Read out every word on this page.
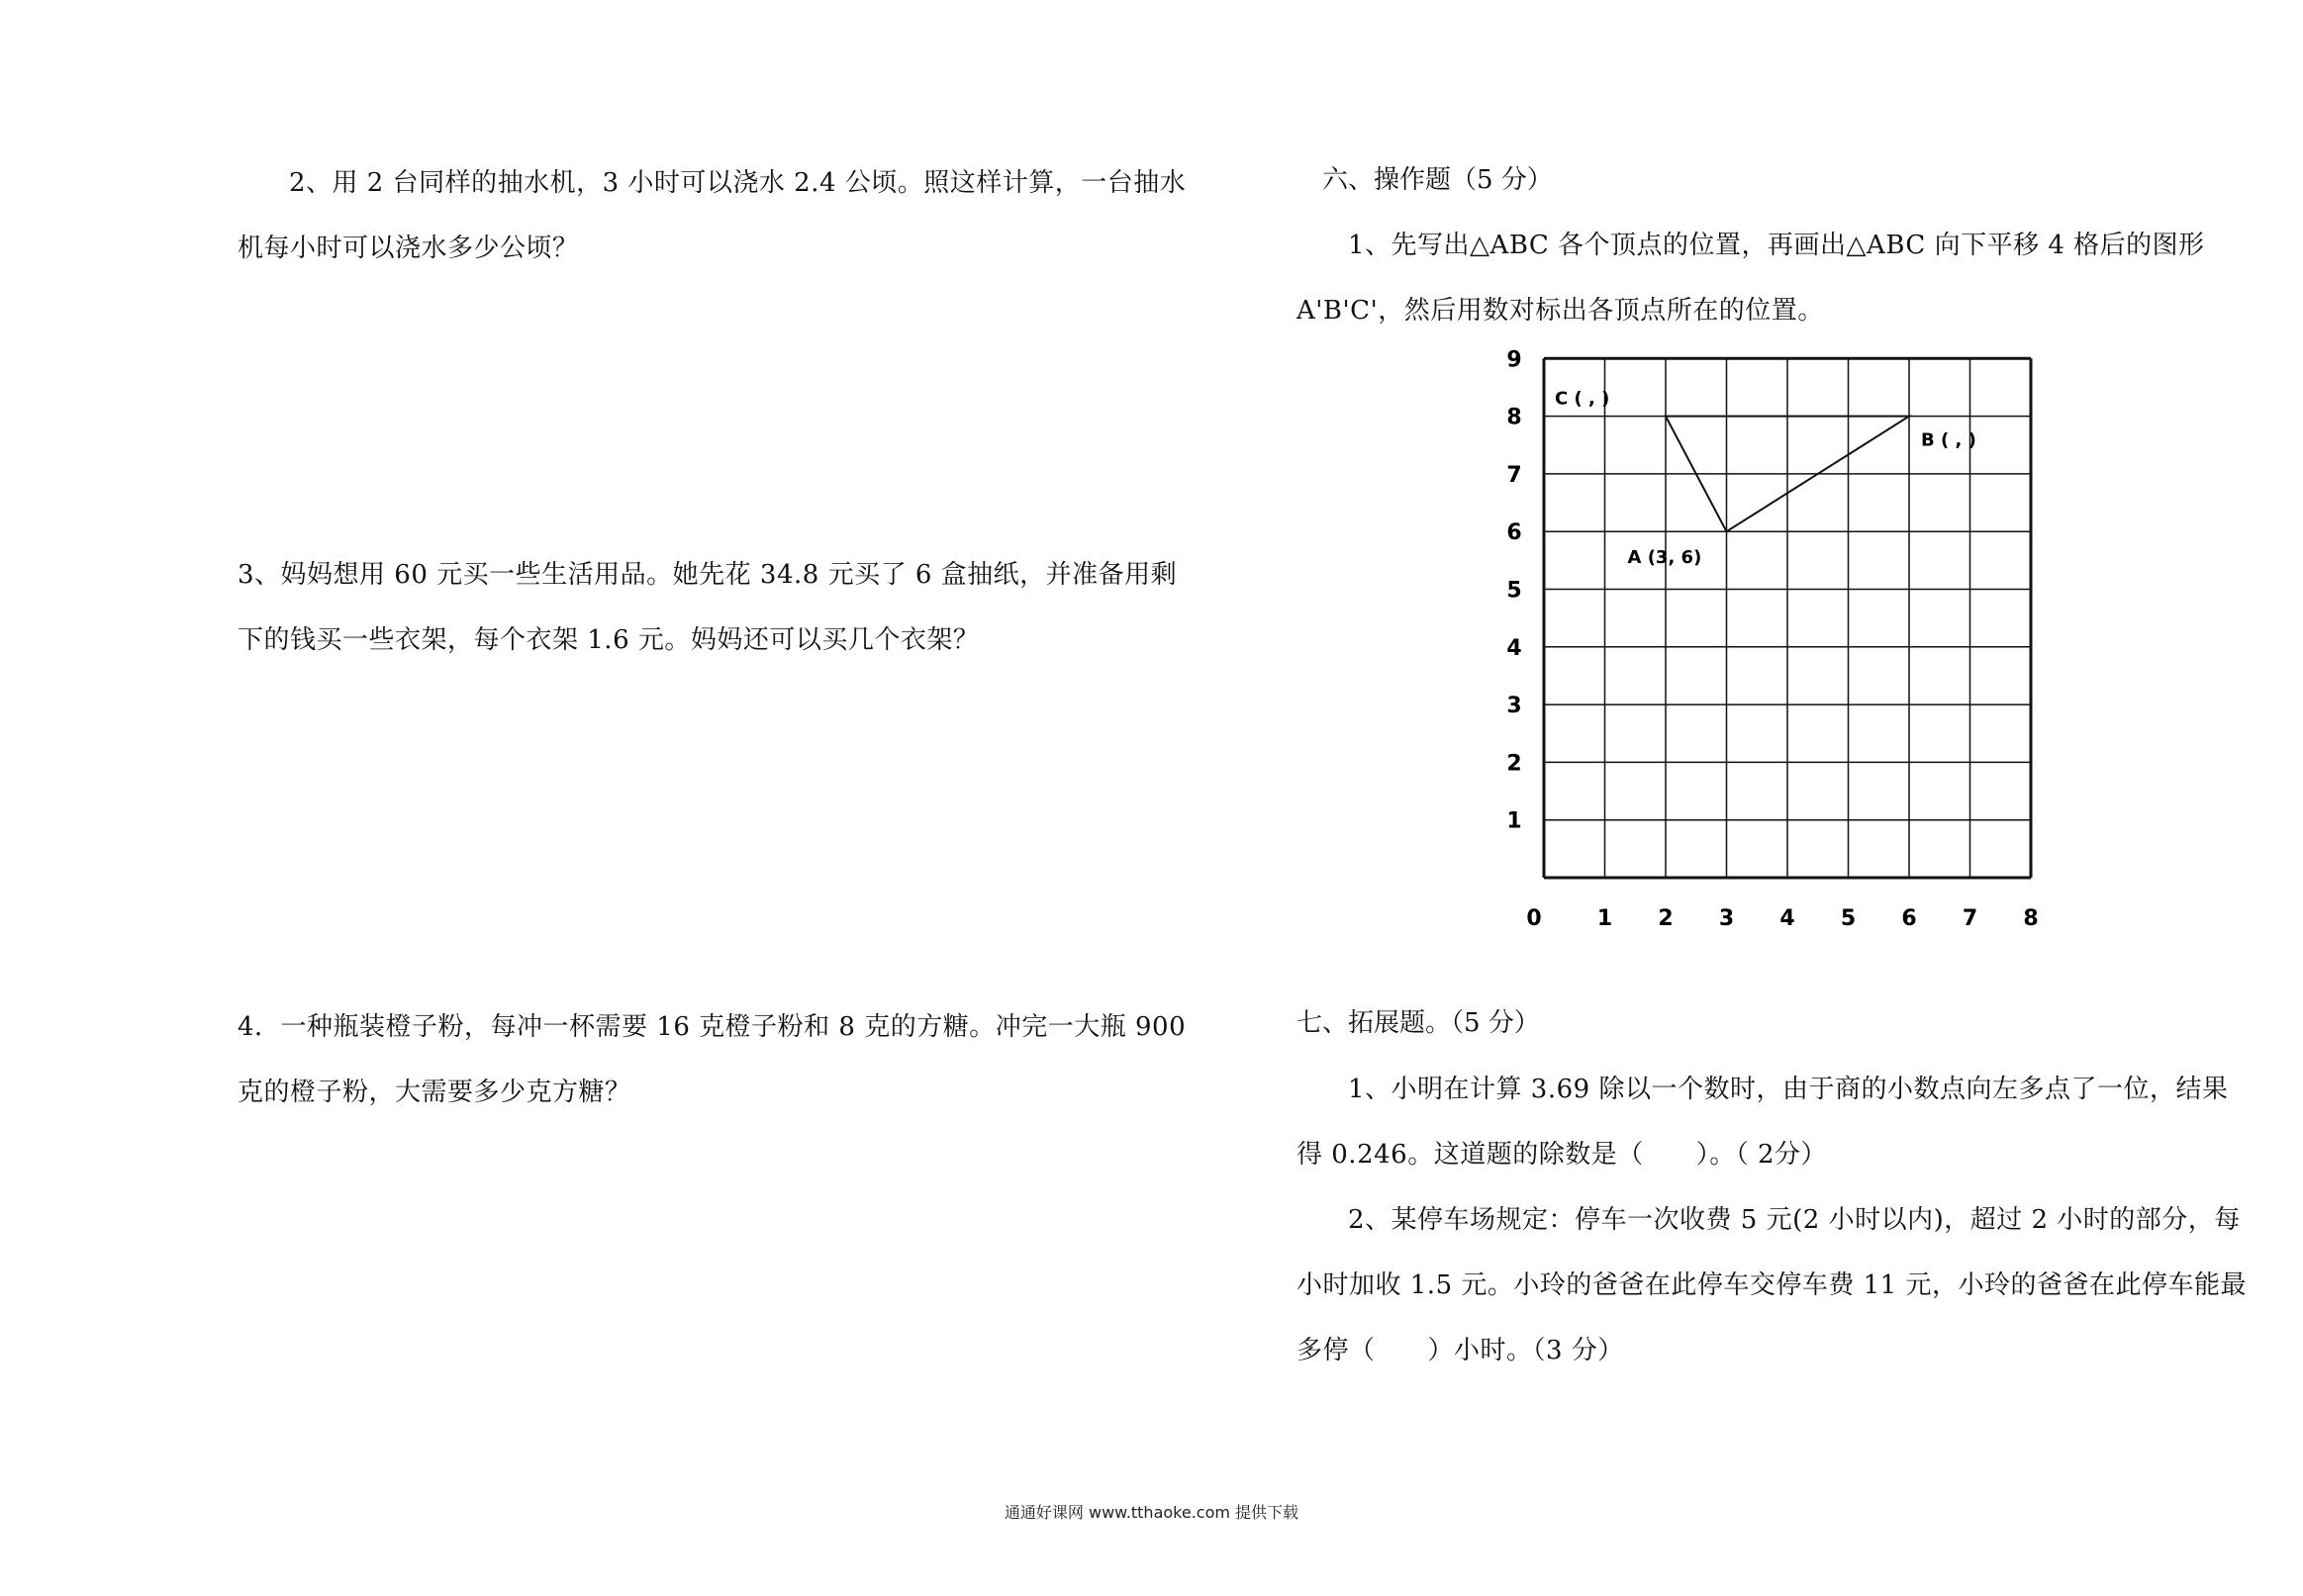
2、用 2 台同样的抽水机，3 小时可以浇水 2.4 公顷。照这样计算，一台抽水机每小时可以浇水多少公顷？

3、妈妈想用 60 元买一些生活用品。她先花 34.8 元买了 6 盒抽纸，并准备用剩下的钱买一些衣架，每个衣架 1.6 元。妈妈还可以买几个衣架？

4．一种瓶装橙子粉，每冲一杯需要 16 克橙子粉和 8 克的方糖。冲完一大瓶 900 克的橙子粉，大需要多少克方糖？

六、操作题（5 分）

1、先写出△ABC 各个顶点的位置，再画出△ABC 向下平移 4 格后的图形 A'B'C'，然后用数对标出各顶点所在的位置。

0	1 2 3 4 5 6 7 8
1
2
3
4
5
6
7
8
9
A (3, 6)
B ( , )
C ( , )

七、拓展题。（5 分）

1、小明在计算 3.69 除以一个数时，由于商的小数点向左多点了一位，结果得 0.246。这道题的除数是（　　）。（ 2分）

2、某停车场规定：停车一次收费 5 元(2 小时以内)，超过 2 小时的部分，每小时加收 1.5 元。小玲的爸爸在此停车交停车费 11 元，小玲的爸爸在此停车能最多停（　　）小时。（3 分）

通通好课网 www.tthaoke.com 提供下载
